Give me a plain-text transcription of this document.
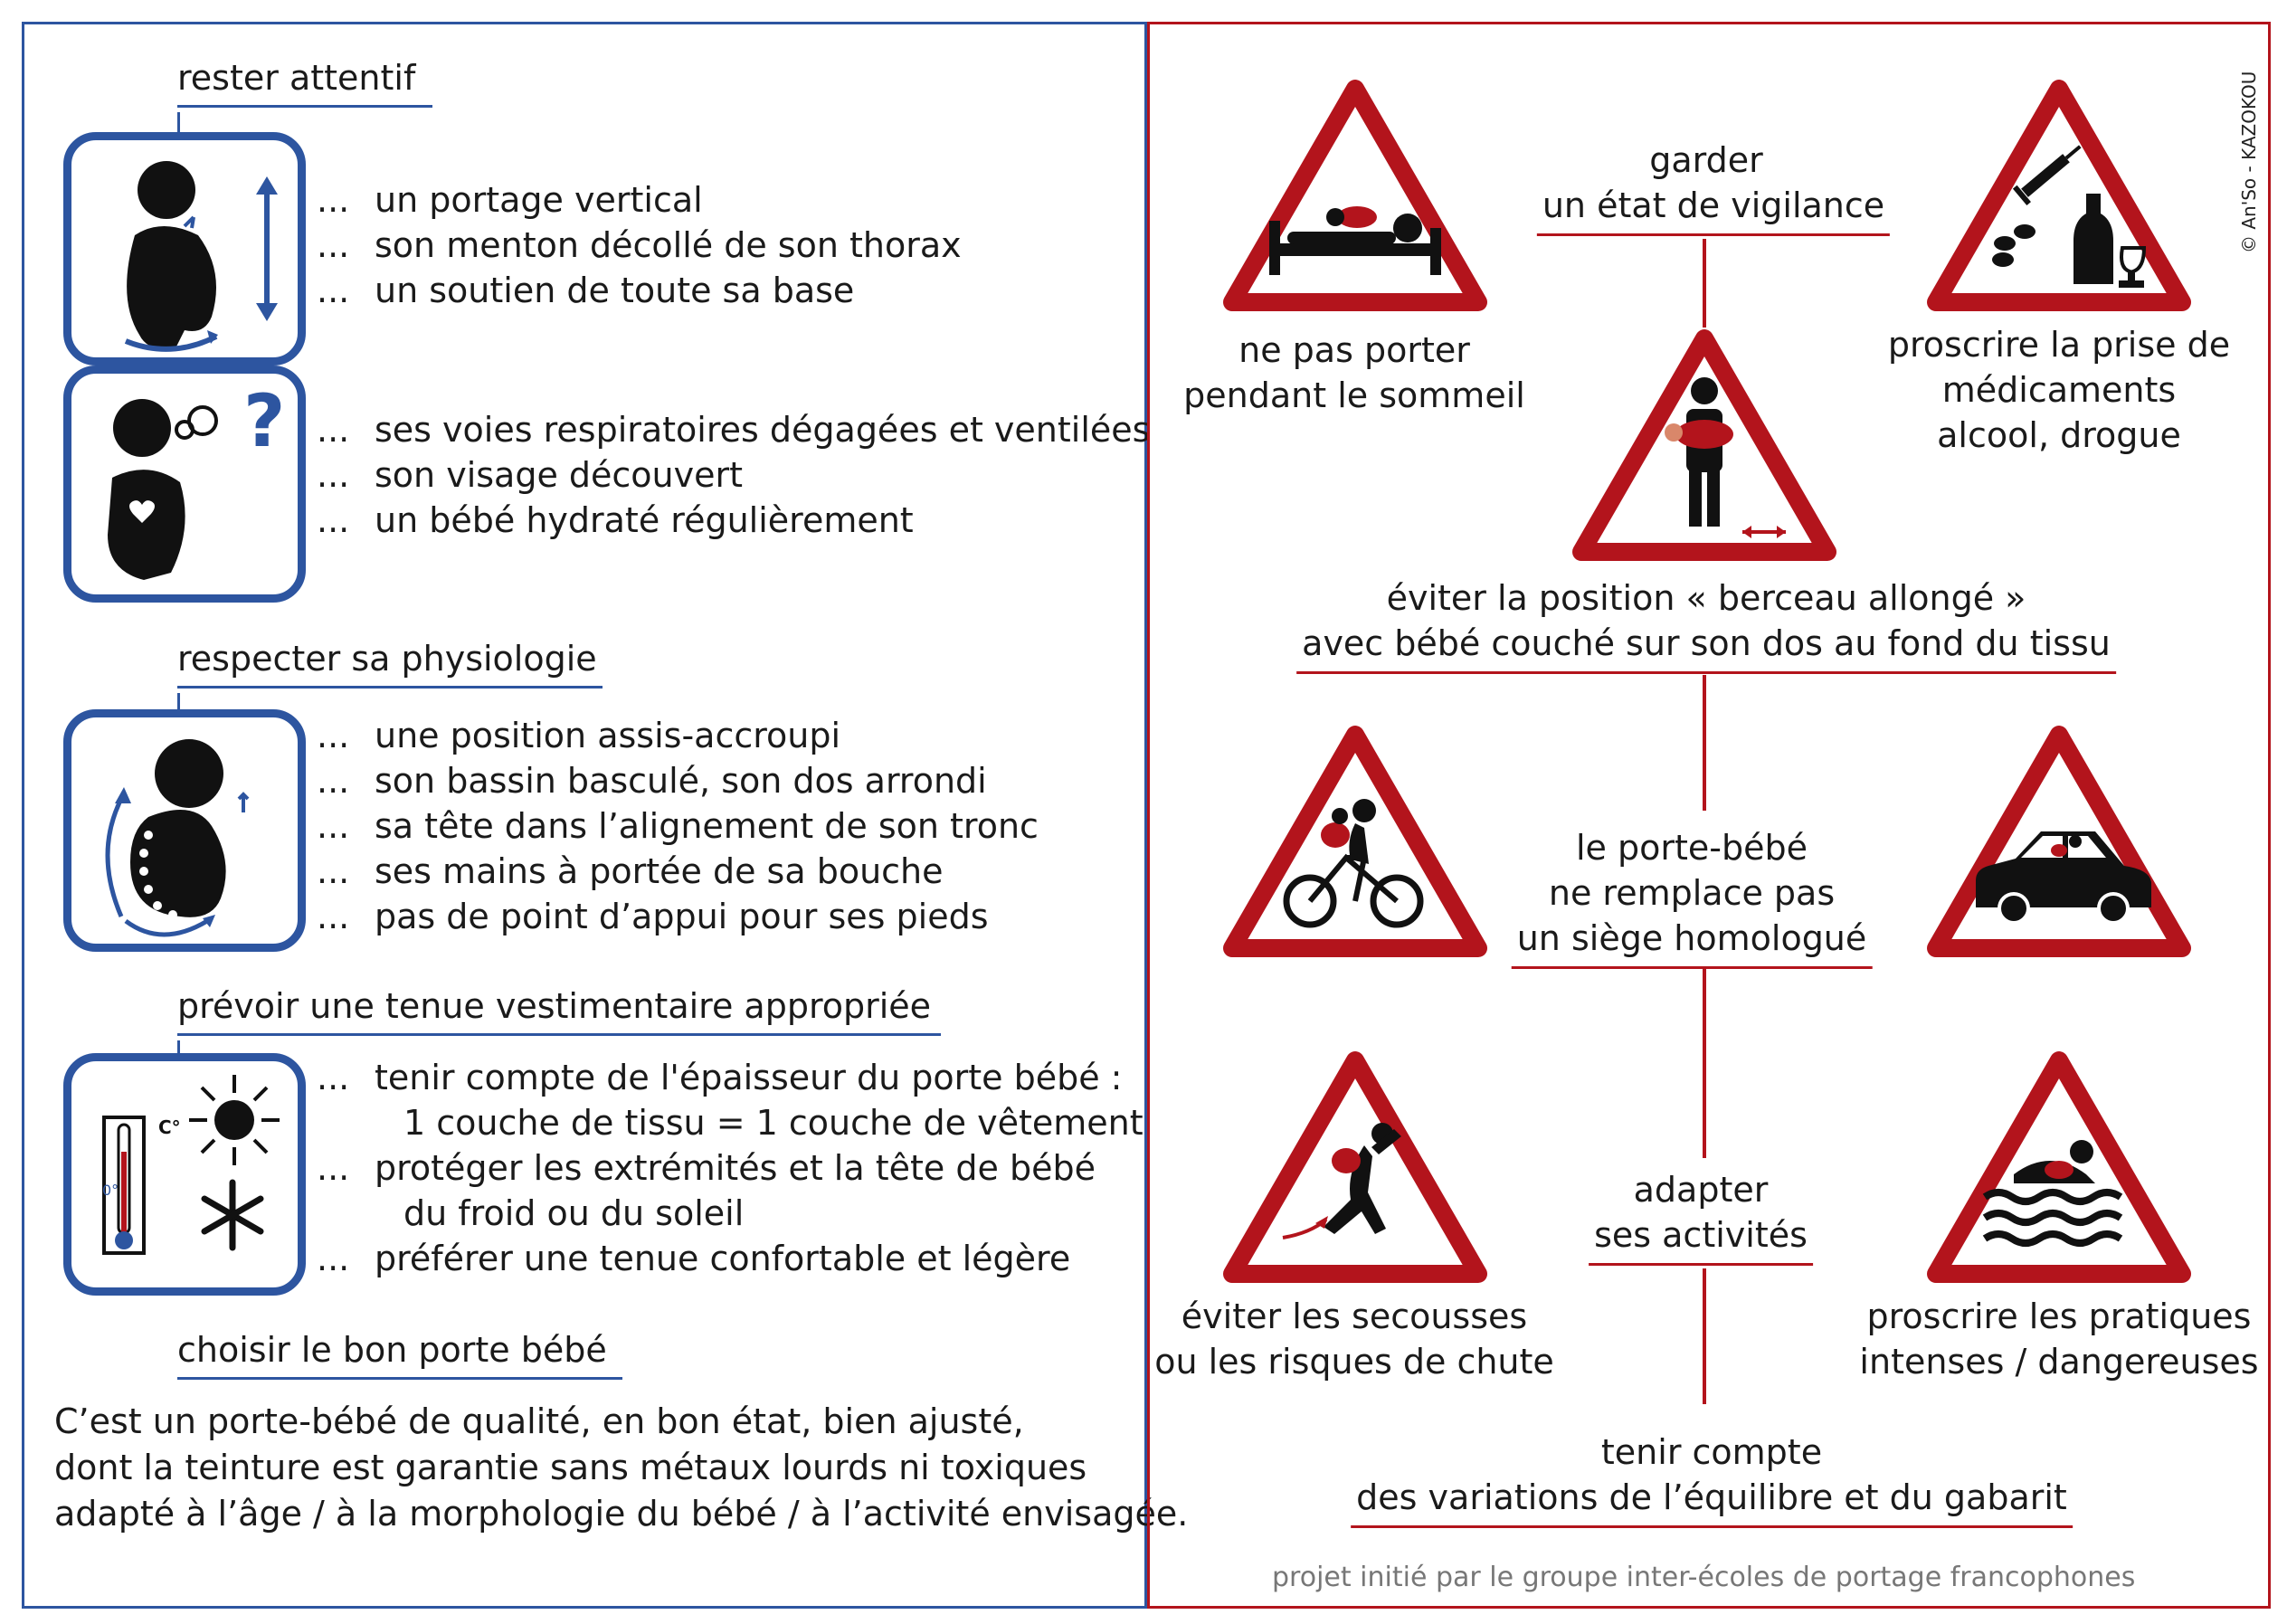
rester attentif
?
... un portage vertical
... son menton décollé de son thorax
... un soutien de toute sa base
... ses voies respiratoires dégagées et ventilées
... son visage découvert
... un bébé hydraté régulièrement
respecter sa physiologie
... une position assis-accroupi
... son bassin basculé, son dos arrondi
... sa tête dans l’alignement de son tronc
... ses mains à portée de sa bouche
... pas de point d’appui pour ses pieds
prévoir une tenue vestimentaire appropriée
C°
0°
... tenir compte de l'épaisseur du porte bébé :
1 couche de tissu = 1 couche de vêtement
... protéger les extrémités et la tête de bébé
du froid ou du soleil
... préférer une tenue confortable et légère
choisir le bon porte bébé
C’est un porte-bébé de qualité, en bon état, bien ajusté,
dont la teinture est garantie sans métaux lourds ni toxiques
adapté à l’âge / à la morphologie du bébé / à l’activité envisagée.
© An'So - KAZOKOU
ne pas porter
pendant le sommeil
garder
un état de vigilance
proscrire la prise de
médicaments
alcool, drogue
éviter la position « berceau allongé »
avec bébé couché sur son dos au fond du tissu
le porte-bébé
ne remplace pas
un siège homologué
éviter les secousses
ou les risques de chute
adapter
ses activités
proscrire les pratiques
intenses / dangereuses
tenir compte
des variations de l’équilibre et du gabarit
projet initié par le groupe inter-écoles de portage francophones
